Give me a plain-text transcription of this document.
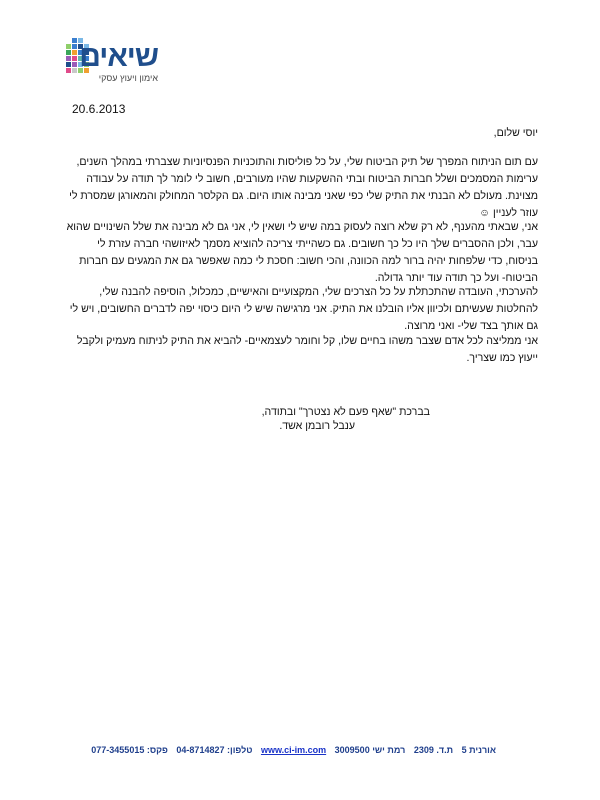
שיאים
אימון ויעוץ עסקי
20.6.2013

יוסי שלום,

עם תום הניתוח המפרך של תיק הביטוח שלי, על כל פוליסות והתוכניות הפנסיוניות שצברתי במהלך השנים, ערימות המסמכים ושלל חברות הביטוח ובתי ההשקעות שהיו מעורבים, חשוב לי לומר לך תודה על עבודה מצוינת. מעולם לא הבנתי את התיק שלי כפי שאני מבינה אותו היום. גם הקלסר המחולק והמאורגן שמסרת לי עוזר לעניין ☺

אני, שבאתי מהענף, לא רק שלא רוצה לעסוק במה שיש לי ושאין לי, אני גם לא מבינה את שלל השינויים שהוא עבר, ולכן ההסברים שלך היו כל כך חשובים. גם כשהייתי צריכה להוציא מסמך לאיזושהי חברה עזרת לי בניסוח, כדי שלפחות יהיה ברור למה הכוונה, והכי חשוב: חסכת לי כמה שאפשר גם את המגעים עם חברות הביטוח- ועל כך תודה עוד יותר גדולה.

להערכתי, העובדה שהתכתלת על כל הצרכים שלי, המקצועיים והאישיים, כמכלול, הוסיפה להבנה שלי, להחלטות שעשיתם ולכיוון אליו הובלנו את התיק. אני מרגישה שיש לי היום כיסוי יפה לדברים החשובים, ויש לי גם אותך בצד שלי- ואני מרוצה.

אני ממליצה לכל אדם שצבר משהו בחיים שלו, קל וחומר לעצמאיים- להביא את התיק לניתוח מעמיק ולקבל ייעוץ כמו שצריך.

בברכת "שאף פעם לא נצטרך" ובתודה,
ענבל רובמן אשד.
אורנית 5 ת.ד. 2309 רמת ישי 3009500 www.ci-im.com טלפון: 04-8714827 פקס: 077-3455015
